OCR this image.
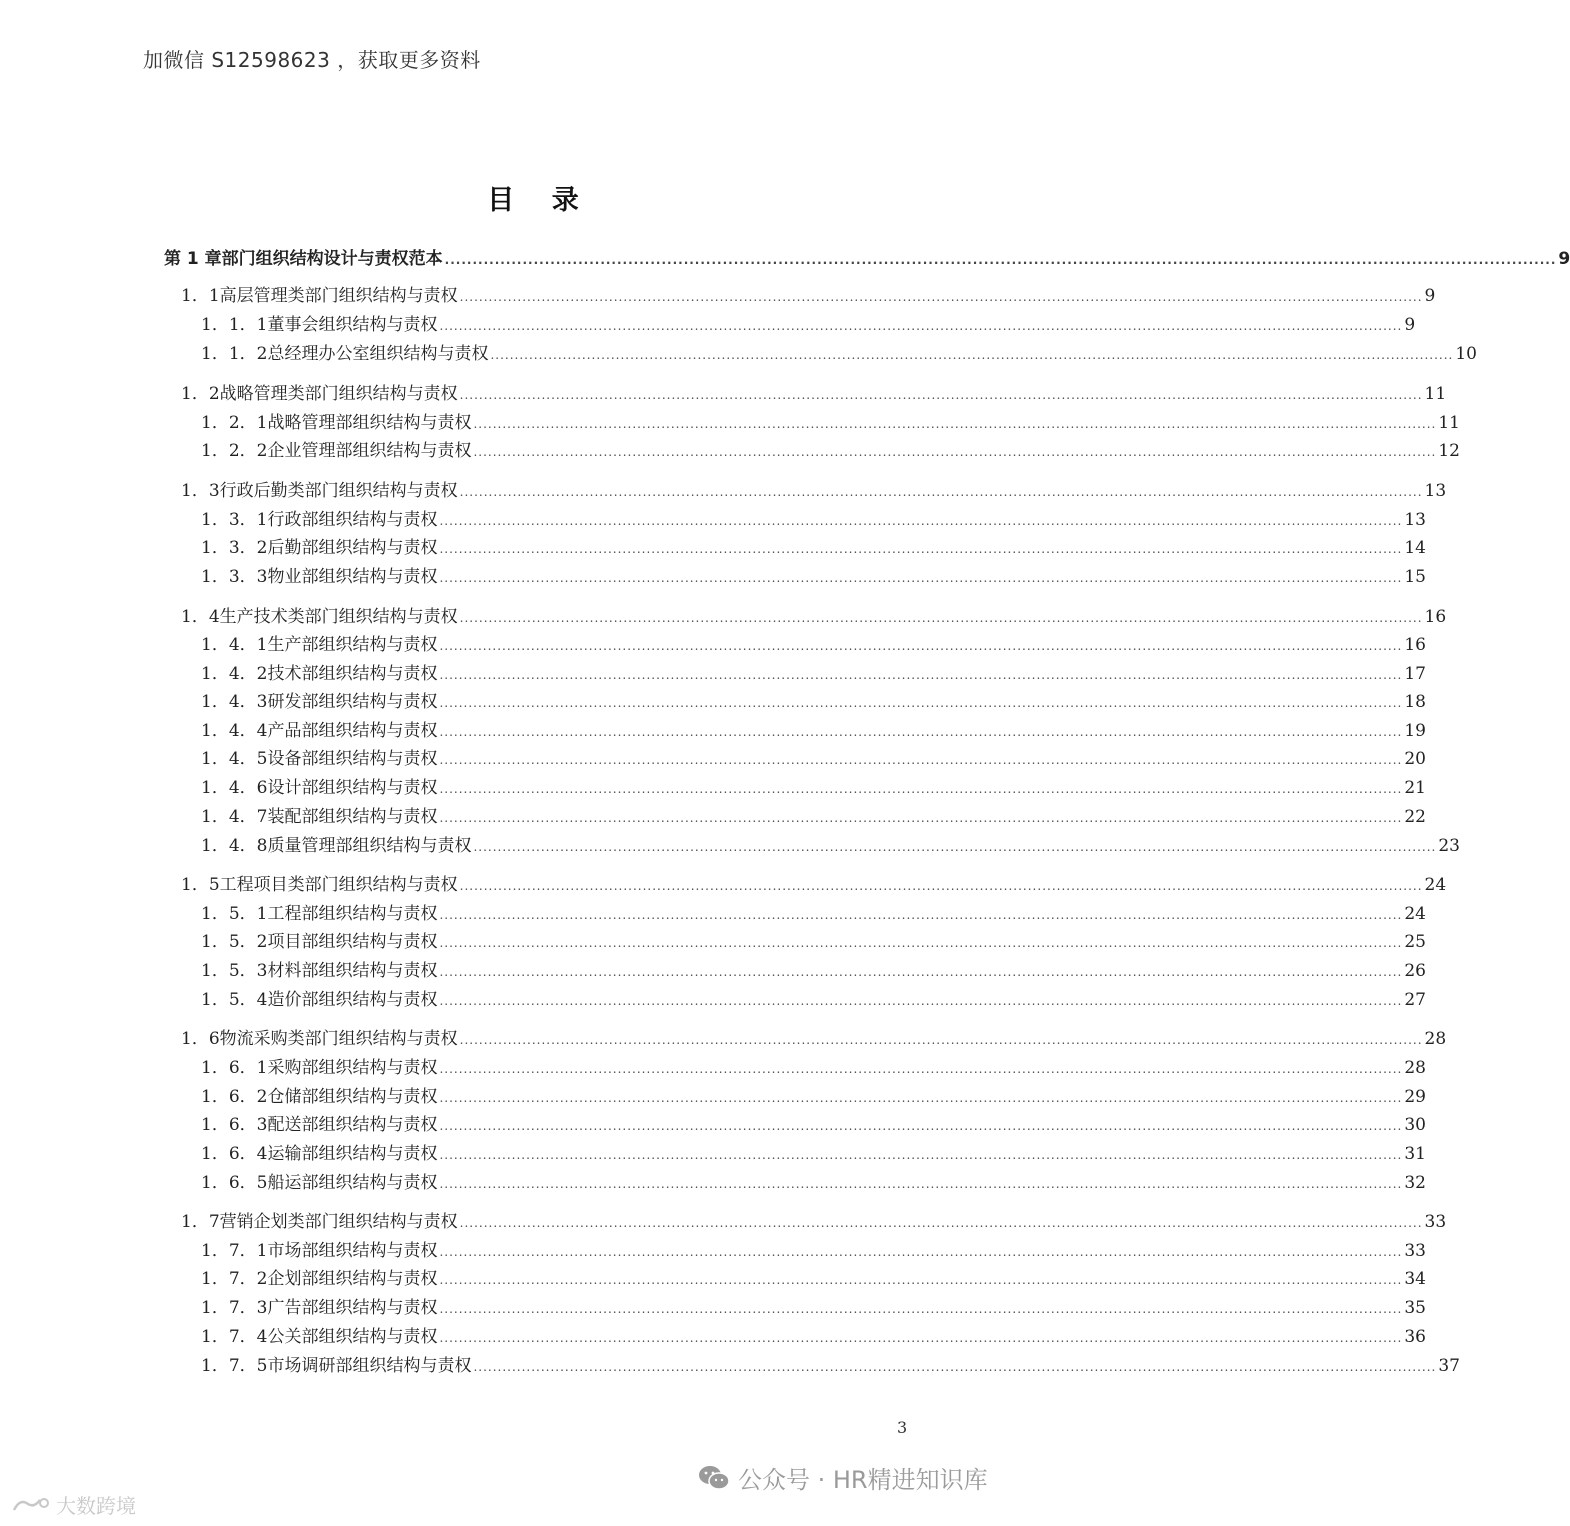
加微信 S12598623 ，获取更多资料
目 录
第 1 章 部门组织结构设计与责权范本 ........................................................................................................................................................................................................ 9
1．1 高层管理类部门组织结构与责权 ........................................................................................................................................................................................................ 9
1．1．1 董事会组织结构与责权 ........................................................................................................................................................................................................ 9
1．1．2 总经理办公室组织结构与责权 ........................................................................................................................................................................................................ 10
1．2 战略管理类部门组织结构与责权 ........................................................................................................................................................................................................ 11
1．2．1 战略管理部组织结构与责权 ........................................................................................................................................................................................................ 11
1．2．2 企业管理部组织结构与责权 ........................................................................................................................................................................................................ 12
1．3 行政后勤类部门组织结构与责权 ........................................................................................................................................................................................................ 13
1．3．1 行政部组织结构与责权 ........................................................................................................................................................................................................ 13
1．3．2 后勤部组织结构与责权 ........................................................................................................................................................................................................ 14
1．3．3 物业部组织结构与责权 ........................................................................................................................................................................................................ 15
1．4 生产技术类部门组织结构与责权 ........................................................................................................................................................................................................ 16
1．4．1 生产部组织结构与责权 ........................................................................................................................................................................................................ 16
1．4．2 技术部组织结构与责权 ........................................................................................................................................................................................................ 17
1．4．3 研发部组织结构与责权 ........................................................................................................................................................................................................ 18
1．4．4 产品部组织结构与责权 ........................................................................................................................................................................................................ 19
1．4．5 设备部组织结构与责权 ........................................................................................................................................................................................................ 20
1．4．6 设计部组织结构与责权 ........................................................................................................................................................................................................ 21
1．4．7 装配部组织结构与责权 ........................................................................................................................................................................................................ 22
1．4．8 质量管理部组织结构与责权 ........................................................................................................................................................................................................ 23
1．5 工程项目类部门组织结构与责权 ........................................................................................................................................................................................................ 24
1．5．1 工程部组织结构与责权 ........................................................................................................................................................................................................ 24
1．5．2 项目部组织结构与责权 ........................................................................................................................................................................................................ 25
1．5．3 材料部组织结构与责权 ........................................................................................................................................................................................................ 26
1．5．4 造价部组织结构与责权 ........................................................................................................................................................................................................ 27
1．6 物流采购类部门组织结构与责权 ........................................................................................................................................................................................................ 28
1．6．1 采购部组织结构与责权 ........................................................................................................................................................................................................ 28
1．6．2 仓储部组织结构与责权 ........................................................................................................................................................................................................ 29
1．6．3 配送部组织结构与责权 ........................................................................................................................................................................................................ 30
1．6．4 运输部组织结构与责权 ........................................................................................................................................................................................................ 31
1．6．5 船运部组织结构与责权 ........................................................................................................................................................................................................ 32
1．7 营销企划类部门组织结构与责权 ........................................................................................................................................................................................................ 33
1．7．1 市场部组织结构与责权 ........................................................................................................................................................................................................ 33
1．7．2 企划部组织结构与责权 ........................................................................................................................................................................................................ 34
1．7．3 广告部组织结构与责权 ........................................................................................................................................................................................................ 35
1．7．4 公关部组织结构与责权 ........................................................................................................................................................................................................ 36
1．7．5 市场调研部组织结构与责权 ........................................................................................................................................................................................................ 37
3
大数跨境
公众号 · HR精进知识库
